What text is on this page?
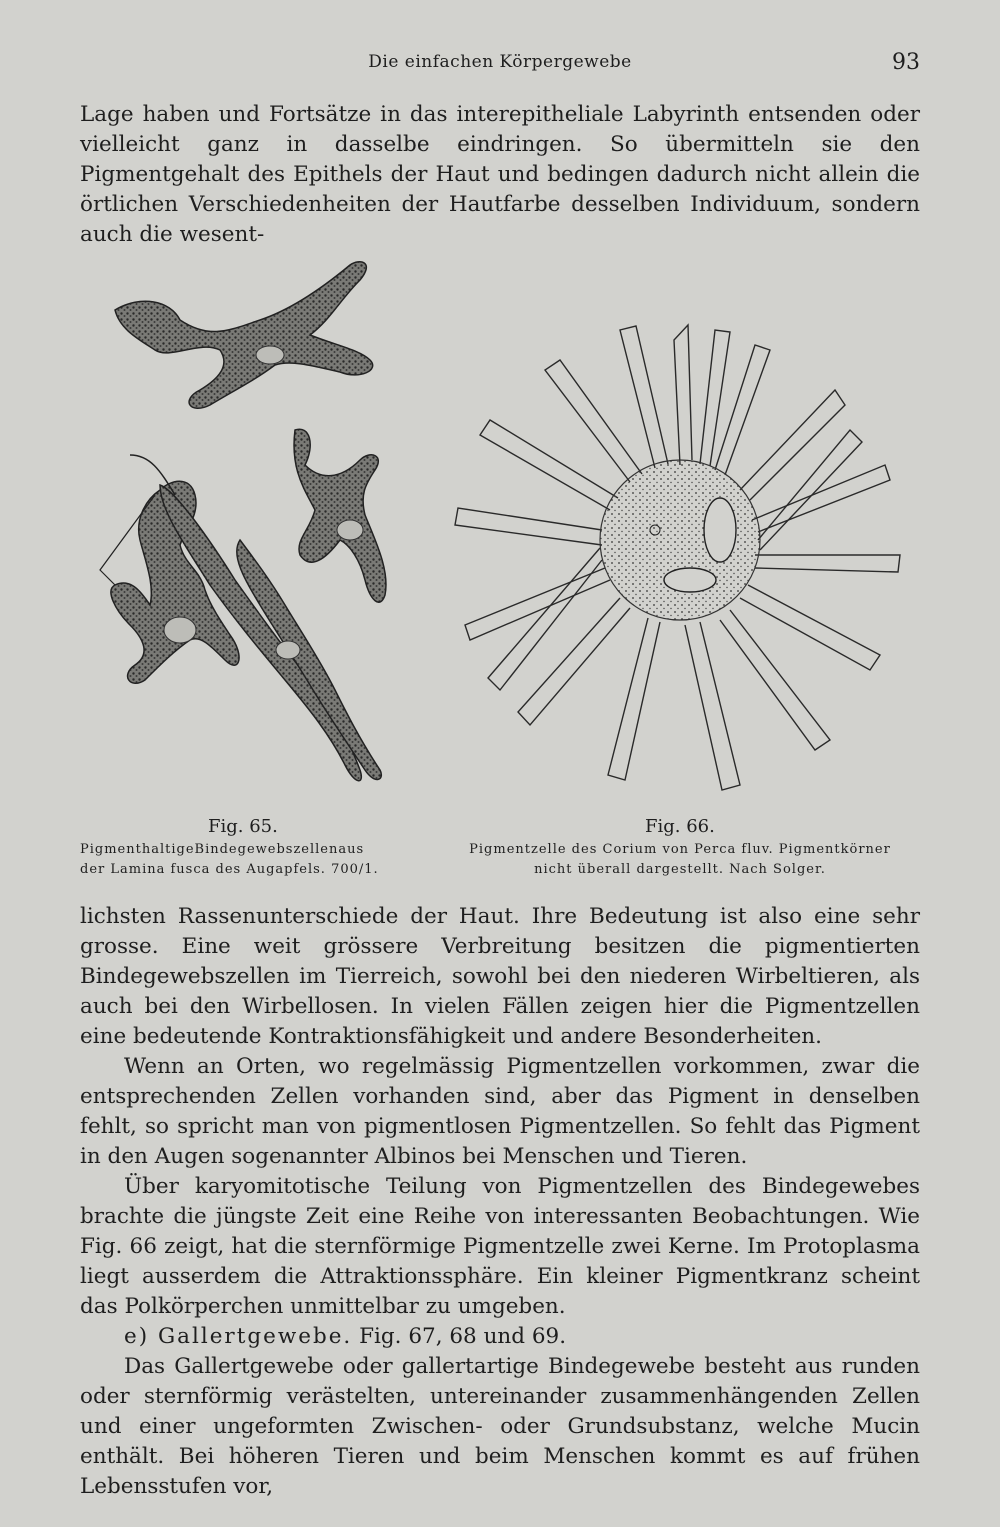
Die einfachen Körpergewebe	93

Lage haben und Fortsätze in das interepitheliale Labyrinth entsenden oder vielleicht ganz in dasselbe eindringen. So übermitteln sie den Pigmentgehalt des Epithels der Haut und bedingen dadurch nicht allein die örtlichen Verschiedenheiten der Hautfarbe desselben Individuum, sondern auch die wesent-

Fig. 65.
PigmenthaltigeBindegewebszellenaus
der Lamina fusca des Augapfels. 700/1.
Fig. 66.
Pigmentzelle des Corium von Perca fluv. Pigmentkörner
nicht überall dargestellt. Nach Solger.

lichsten Rassenunterschiede der Haut. Ihre Bedeutung ist also eine sehr grosse. Eine weit grössere Verbreitung besitzen die pigmentierten Bindegewebszellen im Tierreich, sowohl bei den niederen Wirbeltieren, als auch bei den Wirbellosen. In vielen Fällen zeigen hier die Pigmentzellen eine bedeutende Kontraktionsfähigkeit und andere Besonderheiten.

Wenn an Orten, wo regelmässig Pigmentzellen vorkommen, zwar die entsprechenden Zellen vorhanden sind, aber das Pigment in denselben fehlt, so spricht man von pigmentlosen Pigmentzellen. So fehlt das Pigment in den Augen sogenannter Albinos bei Menschen und Tieren.

Über karyomitotische Teilung von Pigmentzellen des Bindegewebes brachte die jüngste Zeit eine Reihe von interessanten Beobachtungen. Wie Fig. 66 zeigt, hat die sternförmige Pigmentzelle zwei Kerne. Im Protoplasma liegt ausserdem die Attraktionssphäre. Ein kleiner Pigmentkranz scheint das Polkörperchen unmittelbar zu umgeben.

e) Gallertgewebe. Fig. 67, 68 und 69.

Das Gallertgewebe oder gallertartige Bindegewebe besteht aus runden oder sternförmig verästelten, untereinander zusammenhängenden Zellen und einer ungeformten Zwischen- oder Grundsubstanz, welche Mucin enthält. Bei höheren Tieren und beim Menschen kommt es auf frühen Lebensstufen vor,
